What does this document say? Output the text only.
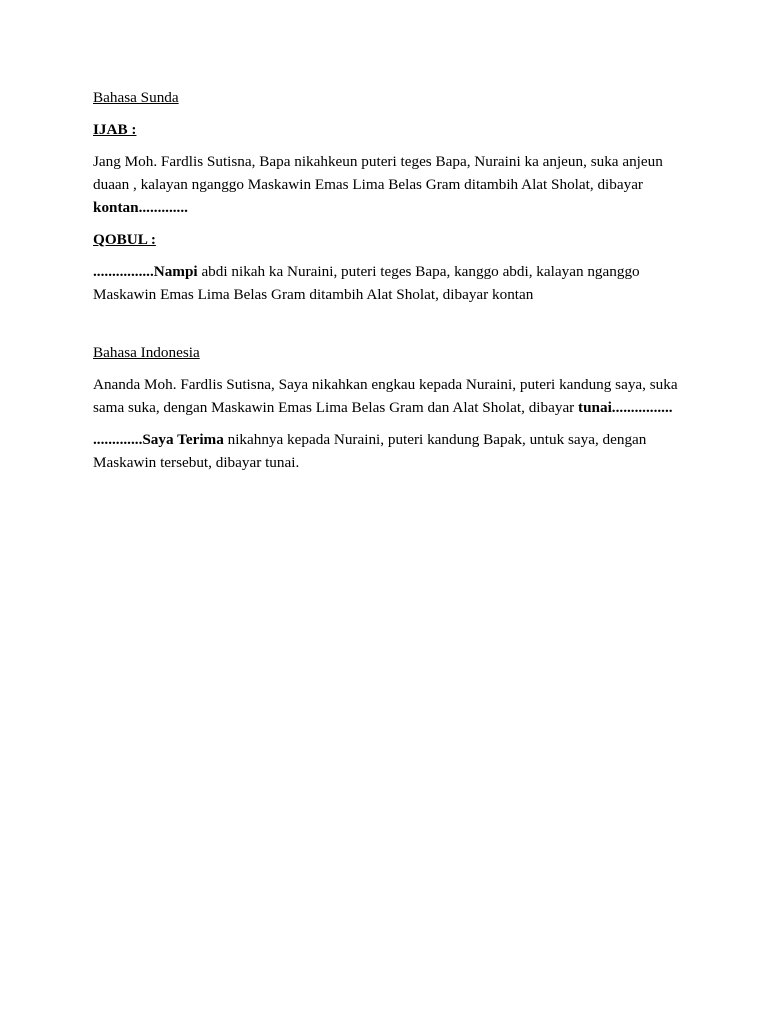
Bahasa Sunda

IJAB :

Jang Moh. Fardlis Sutisna, Bapa nikahkeun puteri teges Bapa, Nuraini ka anjeun, suka anjeun duaan , kalayan nganggo Maskawin Emas Lima Belas Gram ditambih Alat Sholat, dibayar kontan.............

QOBUL :

................Nampi abdi nikah ka Nuraini, puteri teges Bapa, kanggo abdi, kalayan nganggo Maskawin Emas Lima Belas Gram ditambih Alat Sholat, dibayar kontan

Bahasa Indonesia

Ananda Moh. Fardlis Sutisna, Saya nikahkan engkau kepada Nuraini, puteri kandung saya, suka sama suka, dengan Maskawin Emas Lima Belas Gram dan Alat Sholat, dibayar tunai................

.............Saya Terima nikahnya kepada Nuraini, puteri kandung Bapak, untuk saya, dengan Maskawin tersebut, dibayar tunai.
